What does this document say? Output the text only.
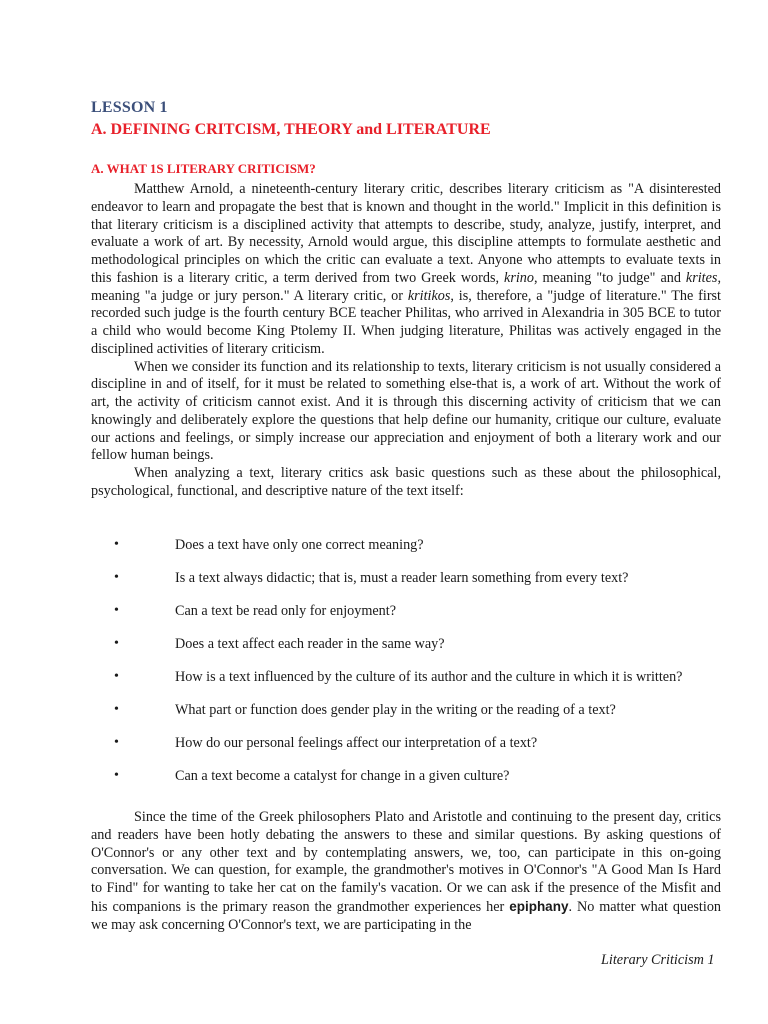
LESSON 1
A. DEFINING CRITCISM, THEORY and LITERATURE
A. WHAT 1S LITERARY CRITICISM?

Matthew Arnold, a nineteenth-century literary critic, describes literary criticism as "A disinterested endeavor to learn and propagate the best that is known and thought in the world." Implicit in this definition is that literary criticism is a disciplined activity that attempts to describe, study, analyze, justify, interpret, and evaluate a work of art. By necessity, Arnold would argue, this discipline attempts to formulate aesthetic and methodological principles on which the critic can evaluate a text. Anyone who attempts to evaluate texts in this fashion is a literary critic, a term derived from two Greek words, krino, meaning "to judge" and krites, meaning "a judge or jury person." A literary critic, or kritikos, is, therefore, a "judge of literature." The first recorded such judge is the fourth century BCE teacher Philitas, who arrived in Alexandria in 305 BCE to tutor a child who would become King Ptolemy II. When judging literature, Philitas was actively engaged in the disciplined activities of literary criticism.

When we consider its function and its relationship to texts, literary criticism is not usually considered a discipline in and of itself, for it must be related to something else-that is, a work of art. Without the work of art, the activity of criticism cannot exist. And it is through this discerning activity of criticism that we can knowingly and deliberately explore the questions that help define our humanity, critique our culture, evaluate our actions and feelings, or simply increase our appreciation and enjoyment of both a literary work and our fellow human beings.

When analyzing a text, literary critics ask basic questions such as these about the philosophical, psychological, functional, and descriptive nature of the text itself:

•	Does a text have only one correct meaning?
•	Is a text always didactic; that is, must a reader learn something from every text?
•	Can a text be read only for enjoyment?
•	Does a text affect each reader in the same way?
•	How is a text influenced by the culture of its author and the culture in which it is written?
•	What part or function does gender play in the writing or the reading of a text?
•	How do our personal feelings affect our interpretation of a text?
•	Can a text become a catalyst for change in a given culture?

Since the time of the Greek philosophers Plato and Aristotle and continuing to the present day, critics and readers have been hotly debating the answers to these and similar questions. By asking questions of O'Connor's or any other text and by contemplating answers, we, too, can participate in this on-going conversation. We can question, for example, the grandmother's motives in O'Connor's "A Good Man Is Hard to Find" for wanting to take her cat on the family's vacation. Or we can ask if the presence of the Misfit and his companions is the primary reason the grandmother experiences her epiphany. No matter what question we may ask concerning O'Connor's text, we are participating in the

Literary Criticism 1
